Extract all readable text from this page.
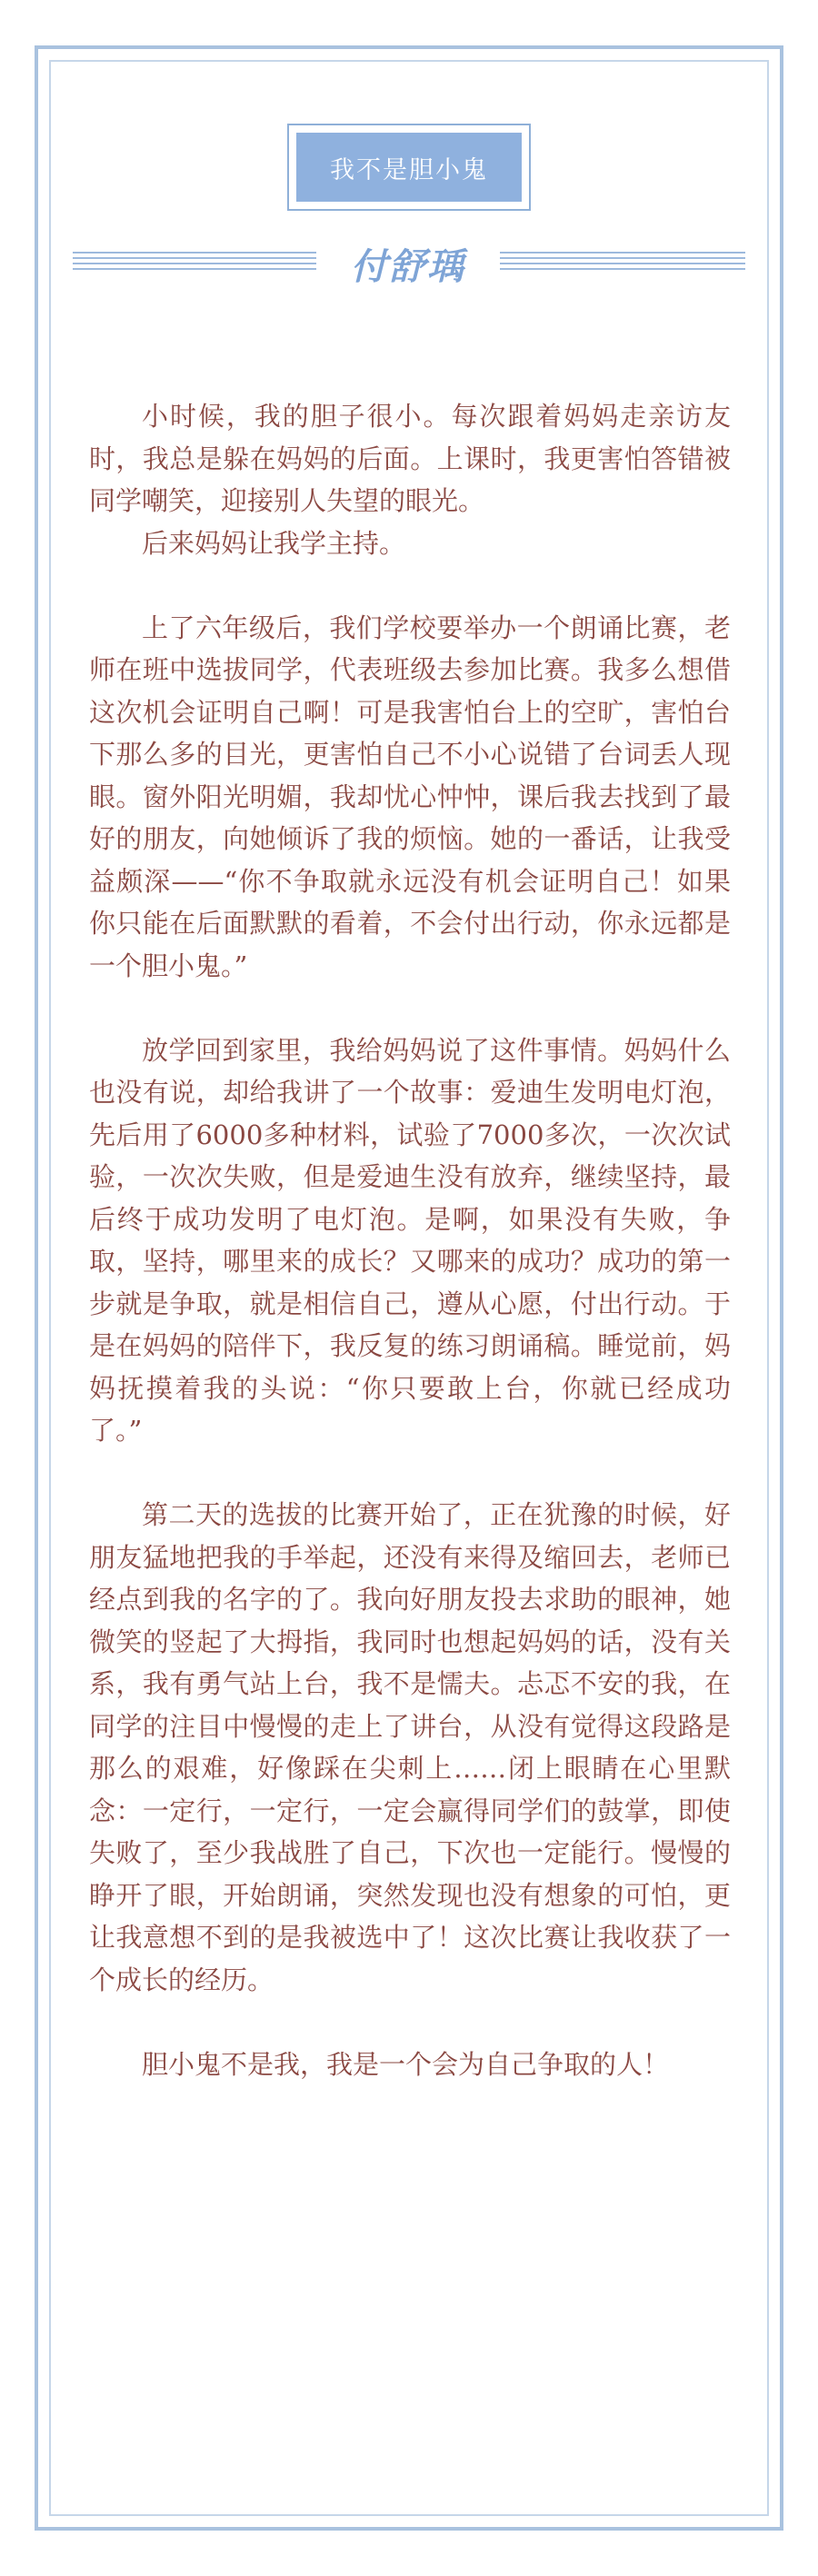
我不是胆小鬼
付舒瑀

小时候，我的胆子很小。每次跟着妈妈走亲访友时，我总是躲在妈妈的后面。上课时，我更害怕答错被同学嘲笑，迎接别人失望的眼光。

后来妈妈让我学主持。

上了六年级后，我们学校要举办一个朗诵比赛，老师在班中选拔同学，代表班级去参加比赛。我多么想借这次机会证明自己啊！可是我害怕台上的空旷，害怕台下那么多的目光，更害怕自己不小心说错了台词丢人现眼。窗外阳光明媚，我却忧心忡忡，课后我去找到了最好的朋友，向她倾诉了我的烦恼。她的一番话，让我受益颇深——“你不争取就永远没有机会证明自己！如果你只能在后面默默的看着，不会付出行动，你永远都是一个胆小鬼。”

放学回到家里，我给妈妈说了这件事情。妈妈什么也没有说，却给我讲了一个故事：爱迪生发明电灯泡，先后用了6000多种材料，试验了7000多次，一次次试验，一次次失败，但是爱迪生没有放弃，继续坚持，最后终于成功发明了电灯泡。是啊，如果没有失败，争取，坚持，哪里来的成长？又哪来的成功？成功的第一步就是争取，就是相信自己，遵从心愿，付出行动。于是在妈妈的陪伴下，我反复的练习朗诵稿。睡觉前，妈妈抚摸着我的头说：“你只要敢上台，你就已经成功了。”

第二天的选拔的比赛开始了，正在犹豫的时候，好朋友猛地把我的手举起，还没有来得及缩回去，老师已经点到我的名字的了。我向好朋友投去求助的眼神，她微笑的竖起了大拇指，我同时也想起妈妈的话，没有关系，我有勇气站上台，我不是懦夫。忐忑不安的我，在同学的注目中慢慢的走上了讲台，从没有觉得这段路是那么的艰难，好像踩在尖刺上……闭上眼睛在心里默念：一定行，一定行，一定会赢得同学们的鼓掌，即使失败了，至少我战胜了自己，下次也一定能行。慢慢的睁开了眼，开始朗诵，突然发现也没有想象的可怕，更让我意想不到的是我被选中了！这次比赛让我收获了一个成长的经历。

胆小鬼不是我，我是一个会为自己争取的人！
